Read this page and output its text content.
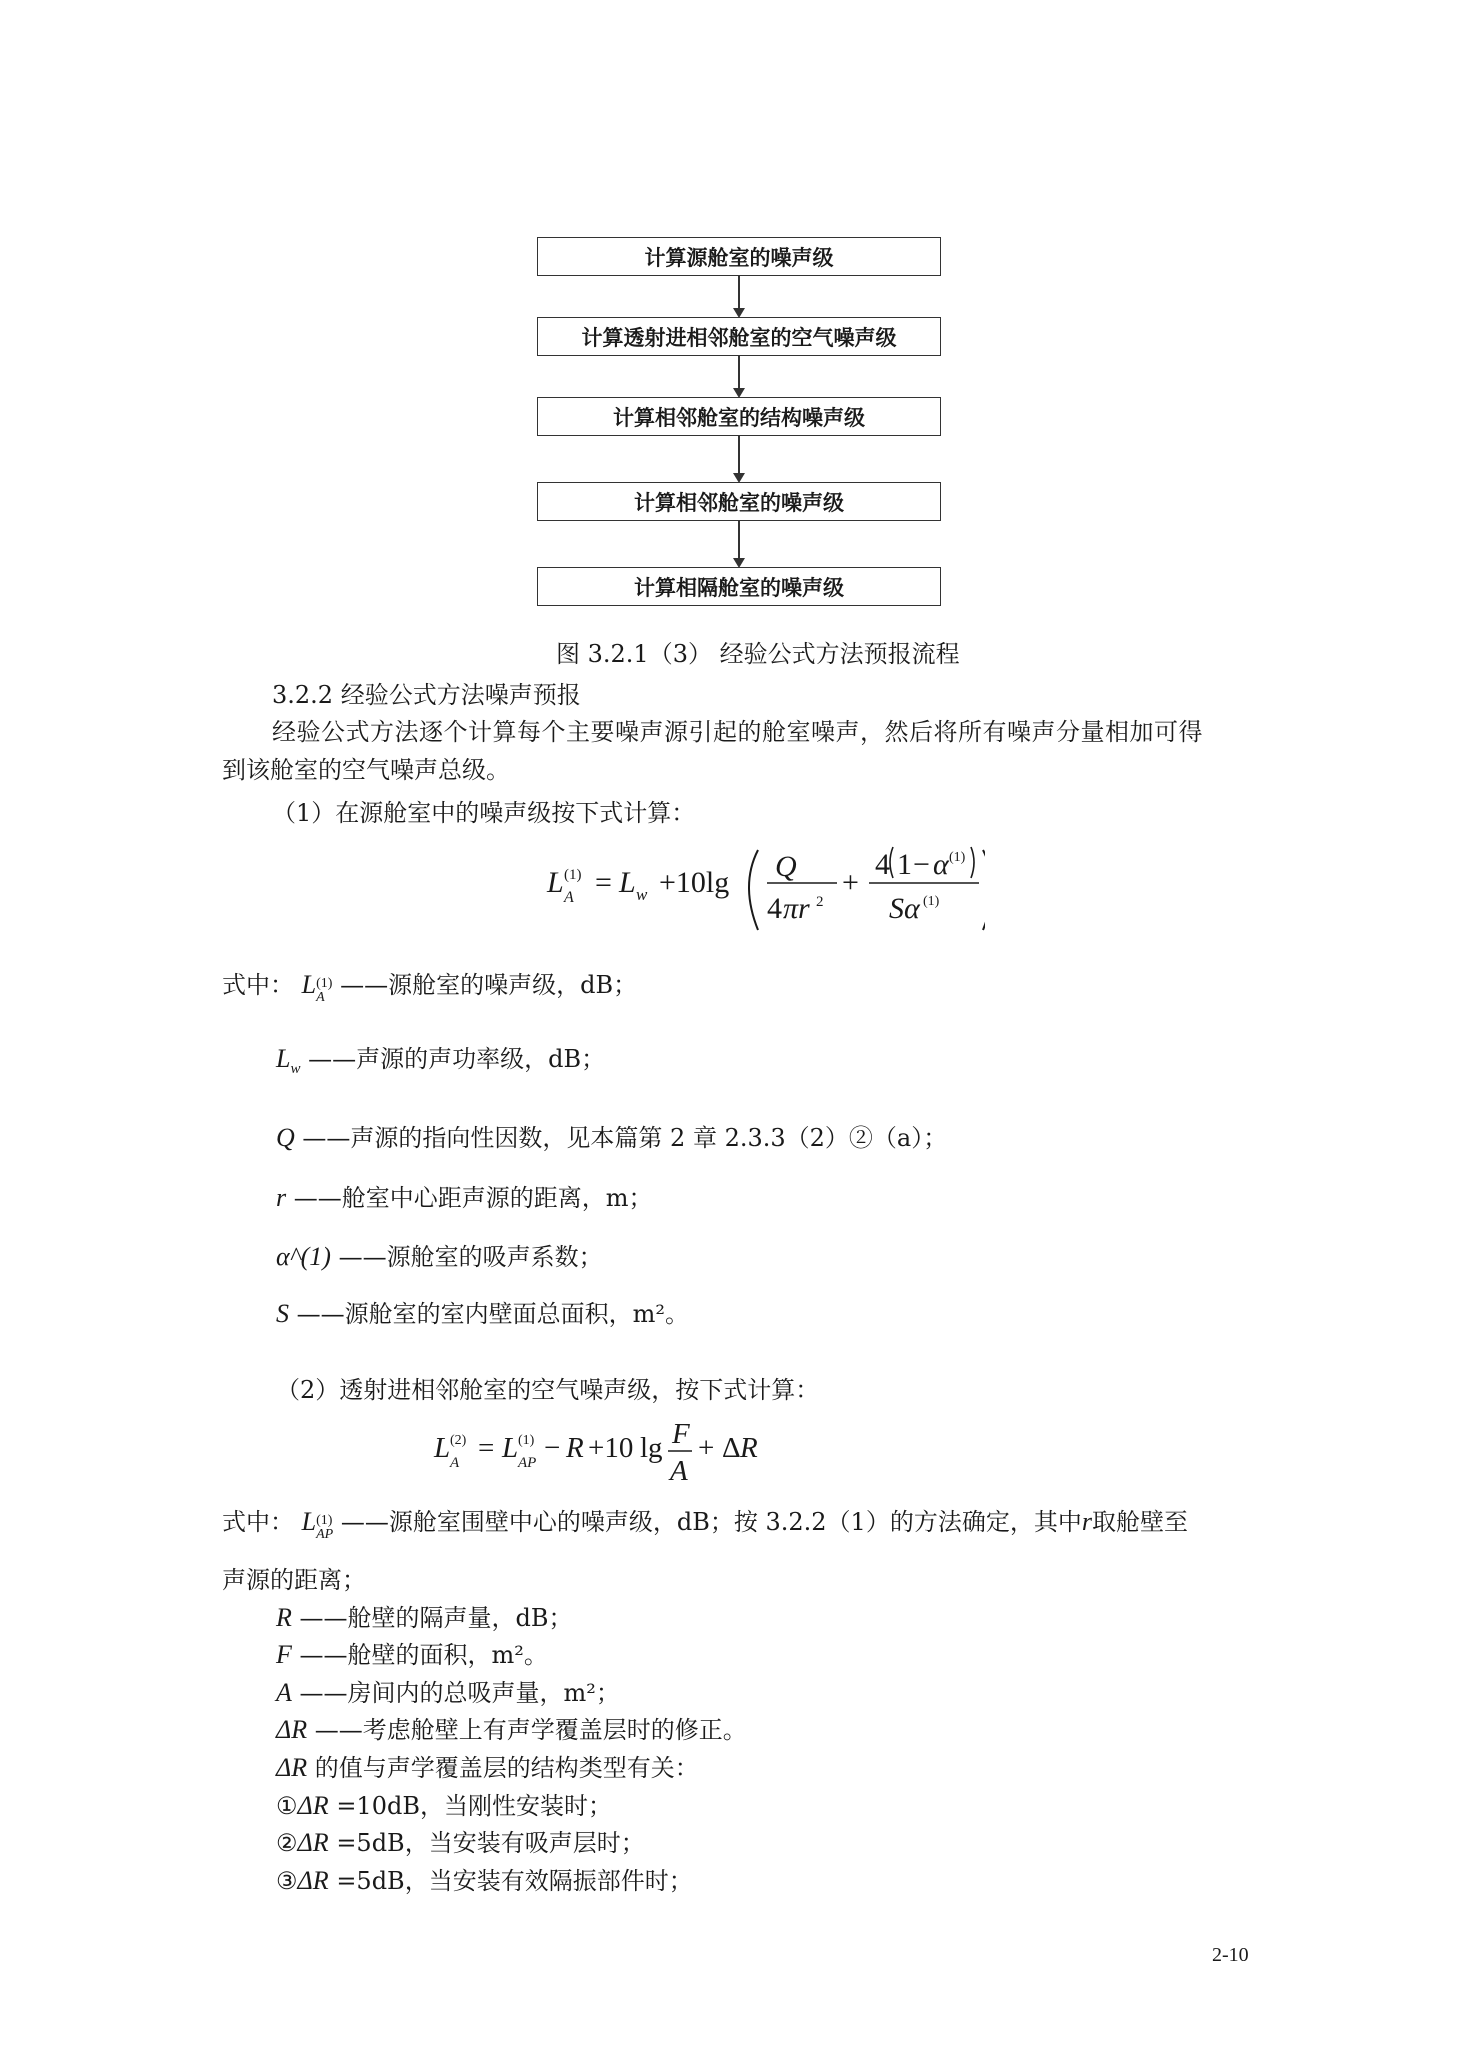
计算源舱室的噪声级
计算透射进相邻舱室的空气噪声级
计算相邻舱室的结构噪声级
计算相邻舱室的噪声级
计算相隔舱室的噪声级
图 3.2.1（3） 经验公式方法预报流程
3.2.2 经验公式方法噪声预报
经验公式方法逐个计算每个主要噪声源引起的舱室噪声，然后将所有噪声分量相加可得
到该舱室的空气噪声总级。
（1）在源舱室中的噪声级按下式计算：
L (1)
A = L w +10lg Q
4 πr 2
+
4 1 − α (1)
Sα (1)
式中： L (1)
A ——源舱室的噪声级，dB；
$L_w$ ——声源的声功率级，dB；
Q ——声源的指向性因数，见本篇第 2 章 2.3.3（2）②（a）；
r ——舱室中心距声源的距离，m；
α^(1) ——源舱室的吸声系数；
S ——源舱室的室内壁面总面积，m²。
（2）透射进相邻舱室的空气噪声级，按下式计算：
L (2)
A = L (1)
AP − R +10 lg F
A
+ Δ R
式中： L (1)
AP ——源舱室围壁中心的噪声级，dB；按 3.2.2（1）的方法确定，其中r取舱壁至
声源的距离；
R ——舱壁的隔声量，dB；
F ——舱壁的面积，m²。
A ——房间内的总吸声量，m²；
ΔR ——考虑舱壁上有声学覆盖层时的修正。
ΔR 的值与声学覆盖层的结构类型有关：
①ΔR =10dB，当刚性安装时；
②ΔR =5dB，当安装有吸声层时；
③ΔR =5dB，当安装有效隔振部件时；
2-10
